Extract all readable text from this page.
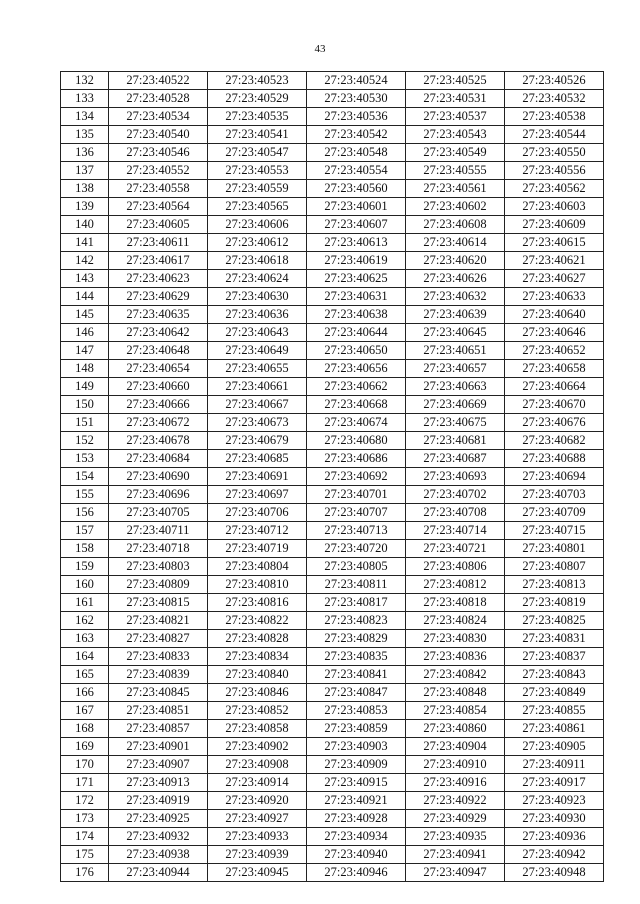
43
132	27:23:40522	27:23:40523	27:23:40524	27:23:40525	27:23:40526
133	27:23:40528	27:23:40529	27:23:40530	27:23:40531	27:23:40532
134	27:23:40534	27:23:40535	27:23:40536	27:23:40537	27:23:40538
135	27:23:40540	27:23:40541	27:23:40542	27:23:40543	27:23:40544
136	27:23:40546	27:23:40547	27:23:40548	27:23:40549	27:23:40550
137	27:23:40552	27:23:40553	27:23:40554	27:23:40555	27:23:40556
138	27:23:40558	27:23:40559	27:23:40560	27:23:40561	27:23:40562
139	27:23:40564	27:23:40565	27:23:40601	27:23:40602	27:23:40603
140	27:23:40605	27:23:40606	27:23:40607	27:23:40608	27:23:40609
141	27:23:40611	27:23:40612	27:23:40613	27:23:40614	27:23:40615
142	27:23:40617	27:23:40618	27:23:40619	27:23:40620	27:23:40621
143	27:23:40623	27:23:40624	27:23:40625	27:23:40626	27:23:40627
144	27:23:40629	27:23:40630	27:23:40631	27:23:40632	27:23:40633
145	27:23:40635	27:23:40636	27:23:40638	27:23:40639	27:23:40640
146	27:23:40642	27:23:40643	27:23:40644	27:23:40645	27:23:40646
147	27:23:40648	27:23:40649	27:23:40650	27:23:40651	27:23:40652
148	27:23:40654	27:23:40655	27:23:40656	27:23:40657	27:23:40658
149	27:23:40660	27:23:40661	27:23:40662	27:23:40663	27:23:40664
150	27:23:40666	27:23:40667	27:23:40668	27:23:40669	27:23:40670
151	27:23:40672	27:23:40673	27:23:40674	27:23:40675	27:23:40676
152	27:23:40678	27:23:40679	27:23:40680	27:23:40681	27:23:40682
153	27:23:40684	27:23:40685	27:23:40686	27:23:40687	27:23:40688
154	27:23:40690	27:23:40691	27:23:40692	27:23:40693	27:23:40694
155	27:23:40696	27:23:40697	27:23:40701	27:23:40702	27:23:40703
156	27:23:40705	27:23:40706	27:23:40707	27:23:40708	27:23:40709
157	27:23:40711	27:23:40712	27:23:40713	27:23:40714	27:23:40715
158	27:23:40718	27:23:40719	27:23:40720	27:23:40721	27:23:40801
159	27:23:40803	27:23:40804	27:23:40805	27:23:40806	27:23:40807
160	27:23:40809	27:23:40810	27:23:40811	27:23:40812	27:23:40813
161	27:23:40815	27:23:40816	27:23:40817	27:23:40818	27:23:40819
162	27:23:40821	27:23:40822	27:23:40823	27:23:40824	27:23:40825
163	27:23:40827	27:23:40828	27:23:40829	27:23:40830	27:23:40831
164	27:23:40833	27:23:40834	27:23:40835	27:23:40836	27:23:40837
165	27:23:40839	27:23:40840	27:23:40841	27:23:40842	27:23:40843
166	27:23:40845	27:23:40846	27:23:40847	27:23:40848	27:23:40849
167	27:23:40851	27:23:40852	27:23:40853	27:23:40854	27:23:40855
168	27:23:40857	27:23:40858	27:23:40859	27:23:40860	27:23:40861
169	27:23:40901	27:23:40902	27:23:40903	27:23:40904	27:23:40905
170	27:23:40907	27:23:40908	27:23:40909	27:23:40910	27:23:40911
171	27:23:40913	27:23:40914	27:23:40915	27:23:40916	27:23:40917
172	27:23:40919	27:23:40920	27:23:40921	27:23:40922	27:23:40923
173	27:23:40925	27:23:40927	27:23:40928	27:23:40929	27:23:40930
174	27:23:40932	27:23:40933	27:23:40934	27:23:40935	27:23:40936
175	27:23:40938	27:23:40939	27:23:40940	27:23:40941	27:23:40942
176	27:23:40944	27:23:40945	27:23:40946	27:23:40947	27:23:40948
